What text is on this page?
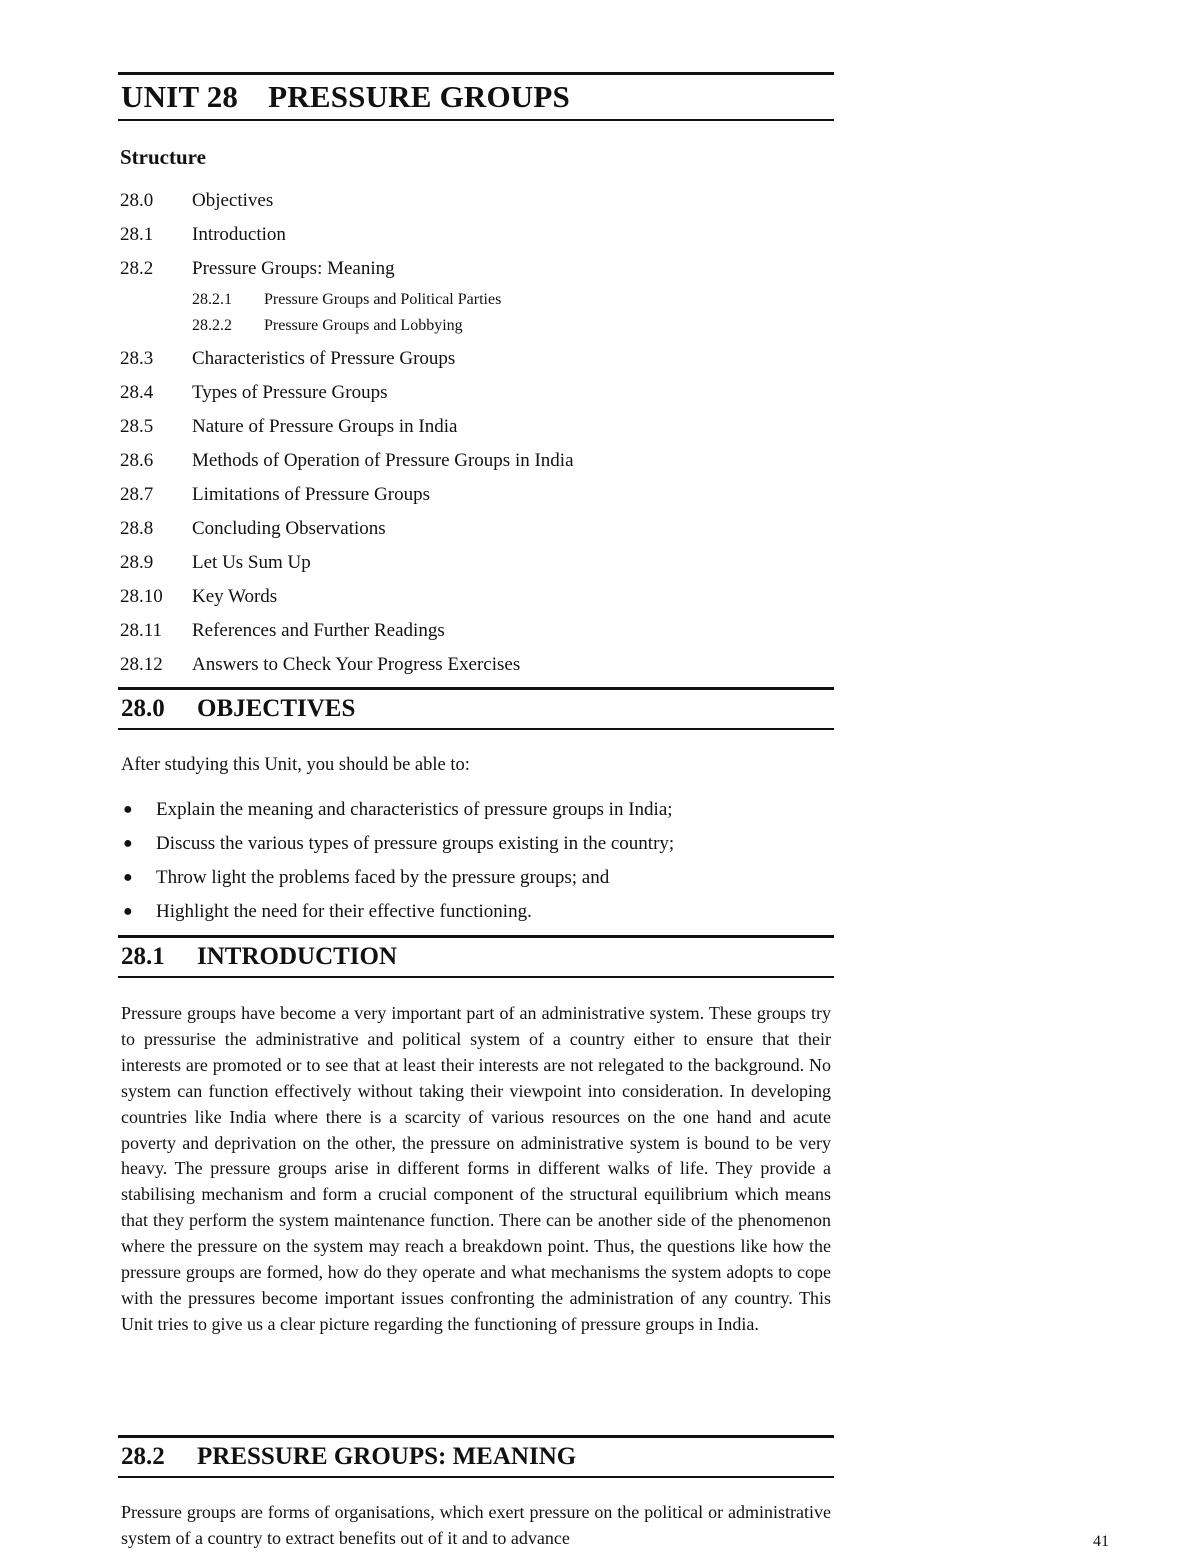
UNIT 28 PRESSURE GROUPS
Structure
28.0 Objectives
28.1 Introduction
28.2 Pressure Groups: Meaning
28.2.1 Pressure Groups and Political Parties
28.2.2 Pressure Groups and Lobbying
28.3 Characteristics of Pressure Groups
28.4 Types of Pressure Groups
28.5 Nature of Pressure Groups in India
28.6 Methods of Operation of Pressure Groups in India
28.7 Limitations of Pressure Groups
28.8 Concluding Observations
28.9 Let Us Sum Up
28.10 Key Words
28.11 References and Further Readings
28.12 Answers to Check Your Progress Exercises
28.0 OBJECTIVES
After studying this Unit, you should be able to:
● Explain the meaning and characteristics of pressure groups in India;
● Discuss the various types of pressure groups existing in the country;
● Throw light the problems faced by the pressure groups; and
● Highlight the need for their effective functioning.
28.1 INTRODUCTION
Pressure groups have become a very important part of an administrative system. These groups try to pressurise the administrative and political system of a country either to ensure that their interests are promoted or to see that at least their interests are not relegated to the background. No system can function effectively without taking their viewpoint into consideration. In developing countries like India where there is a scarcity of various resources on the one hand and acute poverty and deprivation on the other, the pressure on administrative system is bound to be very heavy. The pressure groups arise in different forms in different walks of life. They provide a stabilising mechanism and form a crucial component of the structural equilibrium which means that they perform the system maintenance function. There can be another side of the phenomenon where the pressure on the system may reach a breakdown point. Thus, the questions like how the pressure groups are formed, how do they operate and what mechanisms the system adopts to cope with the pressures become important issues confronting the administration of any country. This Unit tries to give us a clear picture regarding the functioning of pressure groups in India.
28.2 PRESSURE GROUPS: MEANING
Pressure groups are forms of organisations, which exert pressure on the political or administrative system of a country to extract benefits out of it and to advance	41
